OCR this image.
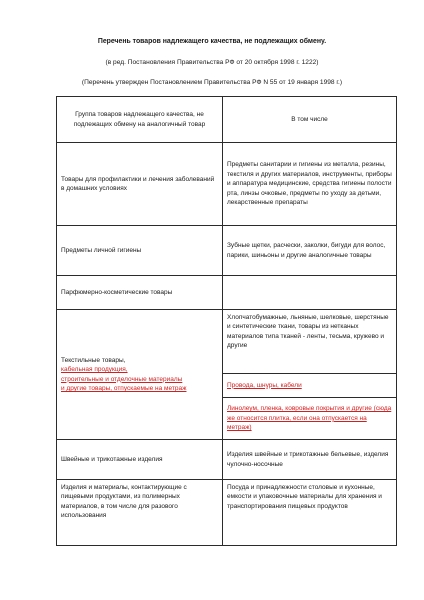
Перечень товаров надлежащего качества, не подлежащих обмену.
(в ред. Постановления Правительства РФ от 20 октября 1998 г. 1222)
(Перечень утвержден Постановлением Правительства РФ N 55 от 19 января 1998 г.)
Группа товаров надлежащего качества, не подлежащих обмену на аналогичный товар	В том числе
Товары для профилактики и лечения заболеваний в домашних условиях	Предметы санитарии и гигиены из металла, резины, текстиля и других материалов, инструменты, приборы и аппаратура медицинские, средства гигиены полости рта, линзы очковые, предметы по уходу за детьми, лекарственные препараты
Предметы личной гигиены	Зубные щетки, расчески, заколки, бигуди для волос, парики, шиньоны и другие аналогичные товары
Парфюмерно-косметические товары	

Текстильные товары,
кабельная продукция,
строительные и отделочные материалы
и другие товары, отпускаемые на метраж	Хлопчатобумажные, льняные, шелковые, шерстяные и синтетические ткани, товары из нетканых материалов типа тканей - ленты, тесьма, кружево и другие
	Провода, шнуры, кабели
	Линолеум, пленка, ковровые покрытия и другие (сюда же относится плитка, если она отпускается на метраж)
Швейные и трикотажные изделия	Изделия швейные и трикотажные бельевые, изделия чулочно-носочные
Изделия и материалы, контактирующие с пищевыми продуктами, из полимерных материалов, в том числе для разового использования	Посуда и принадлежности столовые и кухонные, емкости и упаковочные материалы для хранения и транспортирования пищевых продуктов
